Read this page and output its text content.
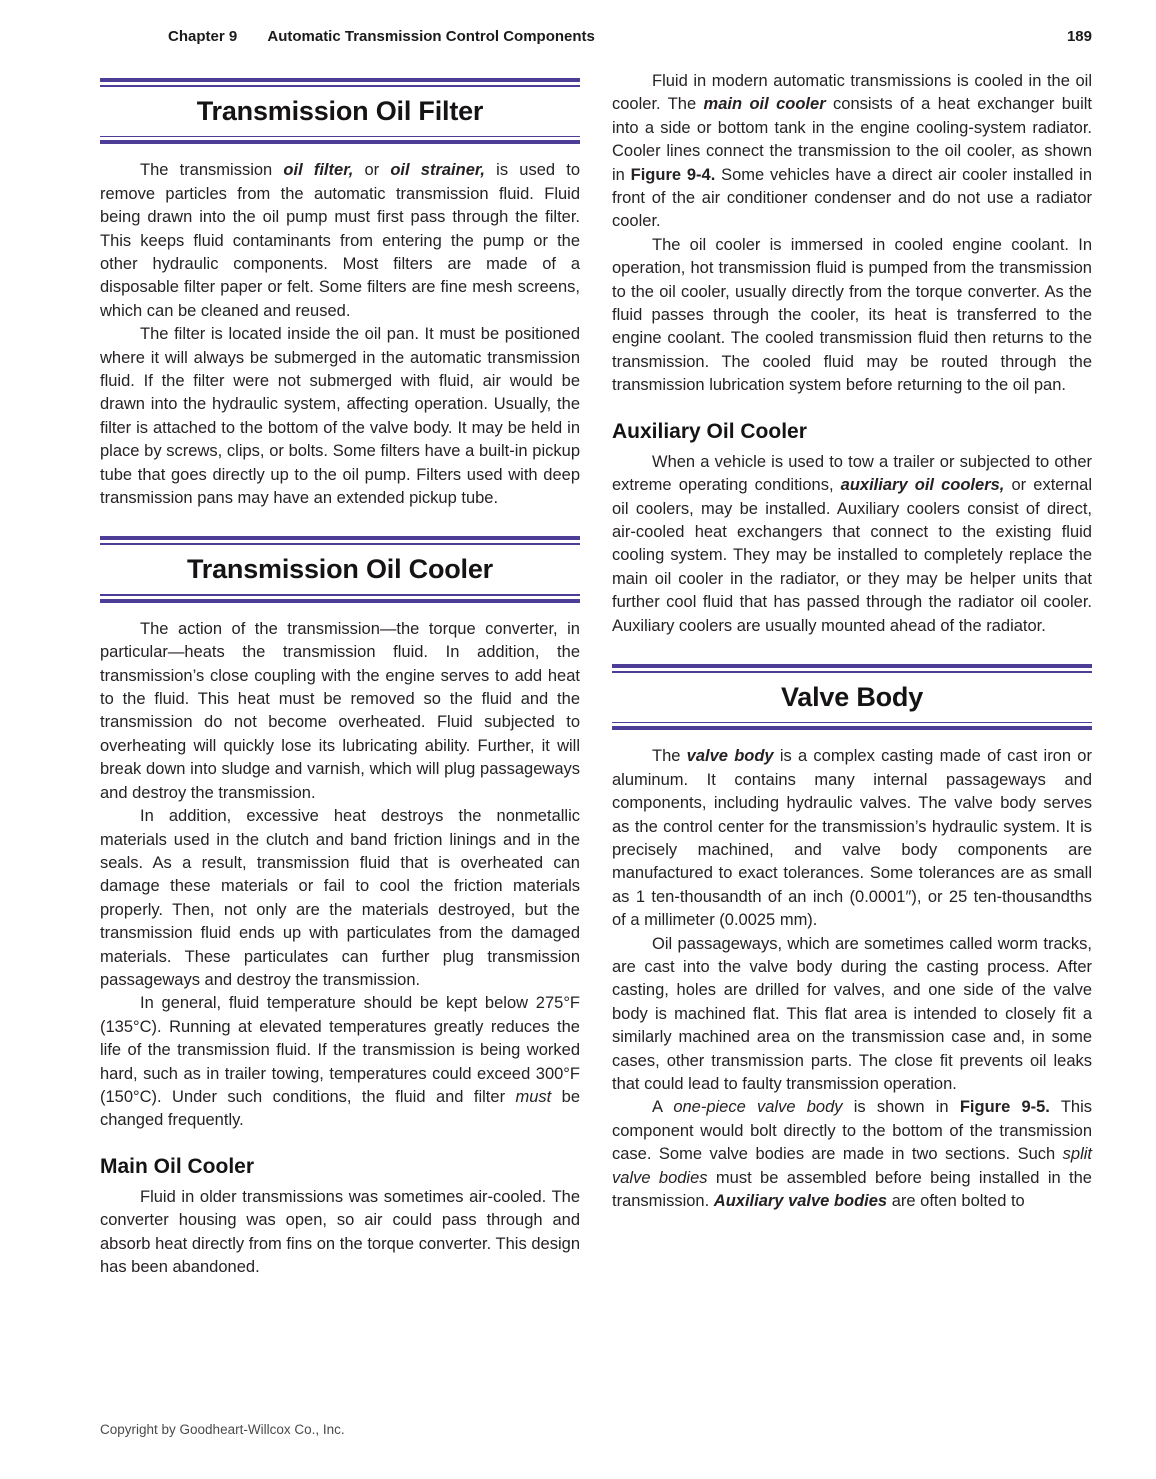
Chapter 9 Automatic Transmission Control Components	189
Transmission Oil Filter

The transmission oil filter, or oil strainer, is used to remove particles from the automatic transmission fluid. Fluid being drawn into the oil pump must first pass through the filter. This keeps fluid contaminants from entering the pump or the other hydraulic components. Most filters are made of a disposable filter paper or felt. Some filters are fine mesh screens, which can be cleaned and reused.

The filter is located inside the oil pan. It must be positioned where it will always be submerged in the automatic transmission fluid. If the filter were not submerged with fluid, air would be drawn into the hydraulic system, affecting operation. Usually, the filter is attached to the bottom of the valve body. It may be held in place by screws, clips, or bolts. Some filters have a built-in pickup tube that goes directly up to the oil pump. Filters used with deep transmission pans may have an extended pickup tube.

Transmission Oil Cooler

The action of the transmission—the torque converter, in particular—heats the transmission fluid. In addition, the transmission’s close coupling with the engine serves to add heat to the fluid. This heat must be removed so the fluid and the transmission do not become overheated. Fluid subjected to overheating will quickly lose its lubricating ability. Further, it will break down into sludge and varnish, which will plug passageways and destroy the transmission.

In addition, excessive heat destroys the nonmetallic materials used in the clutch and band friction linings and in the seals. As a result, transmission fluid that is overheated can damage these materials or fail to cool the friction materials properly. Then, not only are the materials destroyed, but the transmission fluid ends up with particulates from the damaged materials. These particulates can further plug transmission passageways and destroy the transmission.

In general, fluid temperature should be kept below 275°F (135°C). Running at elevated temperatures greatly reduces the life of the transmission fluid. If the transmission is being worked hard, such as in trailer towing, temperatures could exceed 300°F (150°C). Under such conditions, the fluid and filter must be changed frequently.

Main Oil Cooler

Fluid in older transmissions was sometimes air-cooled. The converter housing was open, so air could pass through and absorb heat directly from fins on the torque converter. This design has been abandoned.

Fluid in modern automatic transmissions is cooled in the oil cooler. The main oil cooler consists of a heat exchanger built into a side or bottom tank in the engine cooling-system radiator. Cooler lines connect the transmission to the oil cooler, as shown in Figure 9-4. Some vehicles have a direct air cooler installed in front of the air conditioner condenser and do not use a radiator cooler.

The oil cooler is immersed in cooled engine coolant. In operation, hot transmission fluid is pumped from the transmission to the oil cooler, usually directly from the torque converter. As the fluid passes through the cooler, its heat is transferred to the engine coolant. The cooled transmission fluid then returns to the transmission. The cooled fluid may be routed through the transmission lubrication system before returning to the oil pan.

Auxiliary Oil Cooler

When a vehicle is used to tow a trailer or subjected to other extreme operating conditions, auxiliary oil coolers, or external oil coolers, may be installed. Auxiliary coolers consist of direct, air-cooled heat exchangers that connect to the existing fluid cooling system. They may be installed to completely replace the main oil cooler in the radiator, or they may be helper units that further cool fluid that has passed through the radiator oil cooler. Auxiliary coolers are usually mounted ahead of the radiator.

Valve Body

The valve body is a complex casting made of cast iron or aluminum. It contains many internal passageways and components, including hydraulic valves. The valve body serves as the control center for the transmission’s hydraulic system. It is precisely machined, and valve body components are manufactured to exact tolerances. Some tolerances are as small as 1 ten-thousandth of an inch (0.0001″), or 25 ten-thousandths of a millimeter (0.0025 mm).

Oil passageways, which are sometimes called worm tracks, are cast into the valve body during the casting process. After casting, holes are drilled for valves, and one side of the valve body is machined flat. This flat area is intended to closely fit a similarly machined area on the transmission case and, in some cases, other transmission parts. The close fit prevents oil leaks that could lead to faulty transmission operation.

A one-piece valve body is shown in Figure 9-5. This component would bolt directly to the bottom of the transmission case. Some valve bodies are made in two sections. Such split valve bodies must be assembled before being installed in the transmission. Auxiliary valve bodies are often bolted to

Copyright by Goodheart-Willcox Co., Inc.
